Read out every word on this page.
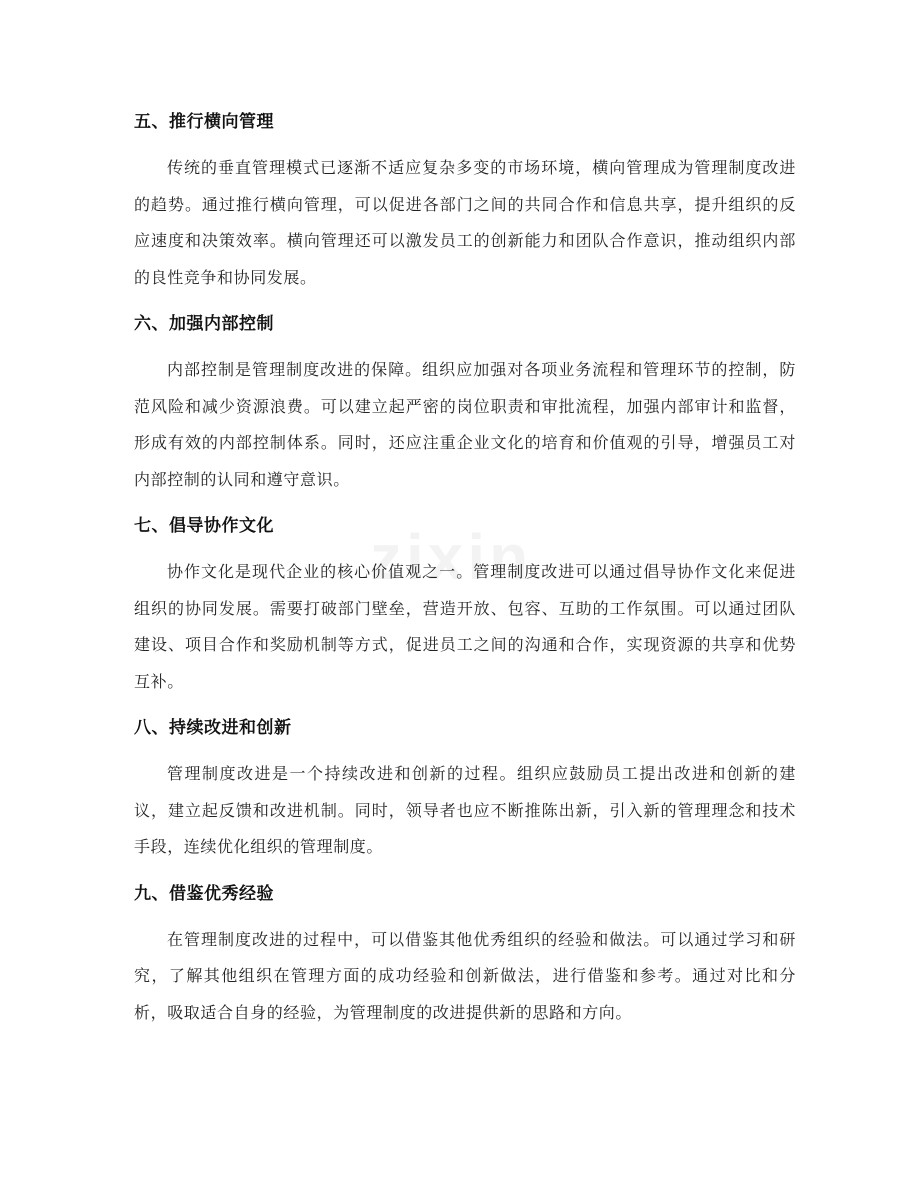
五、推行横向管理

传统的垂直管理模式已逐渐不适应复杂多变的市场环境，横向管理成为管理制度改进的趋势。通过推行横向管理，可以促进各部门之间的共同合作和信息共享，提升组织的反应速度和决策效率。横向管理还可以激发员工的创新能力和团队合作意识，推动组织内部的良性竞争和协同发展。

六、加强内部控制

内部控制是管理制度改进的保障。组织应加强对各项业务流程和管理环节的控制，防范风险和减少资源浪费。可以建立起严密的岗位职责和审批流程，加强内部审计和监督，形成有效的内部控制体系。同时，还应注重企业文化的培育和价值观的引导，增强员工对内部控制的认同和遵守意识。

七、倡导协作文化

协作文化是现代企业的核心价值观之一。管理制度改进可以通过倡导协作文化来促进组织的协同发展。需要打破部门壁垒，营造开放、包容、互助的工作氛围。可以通过团队建设、项目合作和奖励机制等方式，促进员工之间的沟通和合作，实现资源的共享和优势互补。

八、持续改进和创新

管理制度改进是一个持续改进和创新的过程。组织应鼓励员工提出改进和创新的建议，建立起反馈和改进机制。同时，领导者也应不断推陈出新，引入新的管理理念和技术手段，连续优化组织的管理制度。

九、借鉴优秀经验

在管理制度改进的过程中，可以借鉴其他优秀组织的经验和做法。可以通过学习和研究，了解其他组织在管理方面的成功经验和创新做法，进行借鉴和参考。通过对比和分析，吸取适合自身的经验，为管理制度的改进提供新的思路和方向。
